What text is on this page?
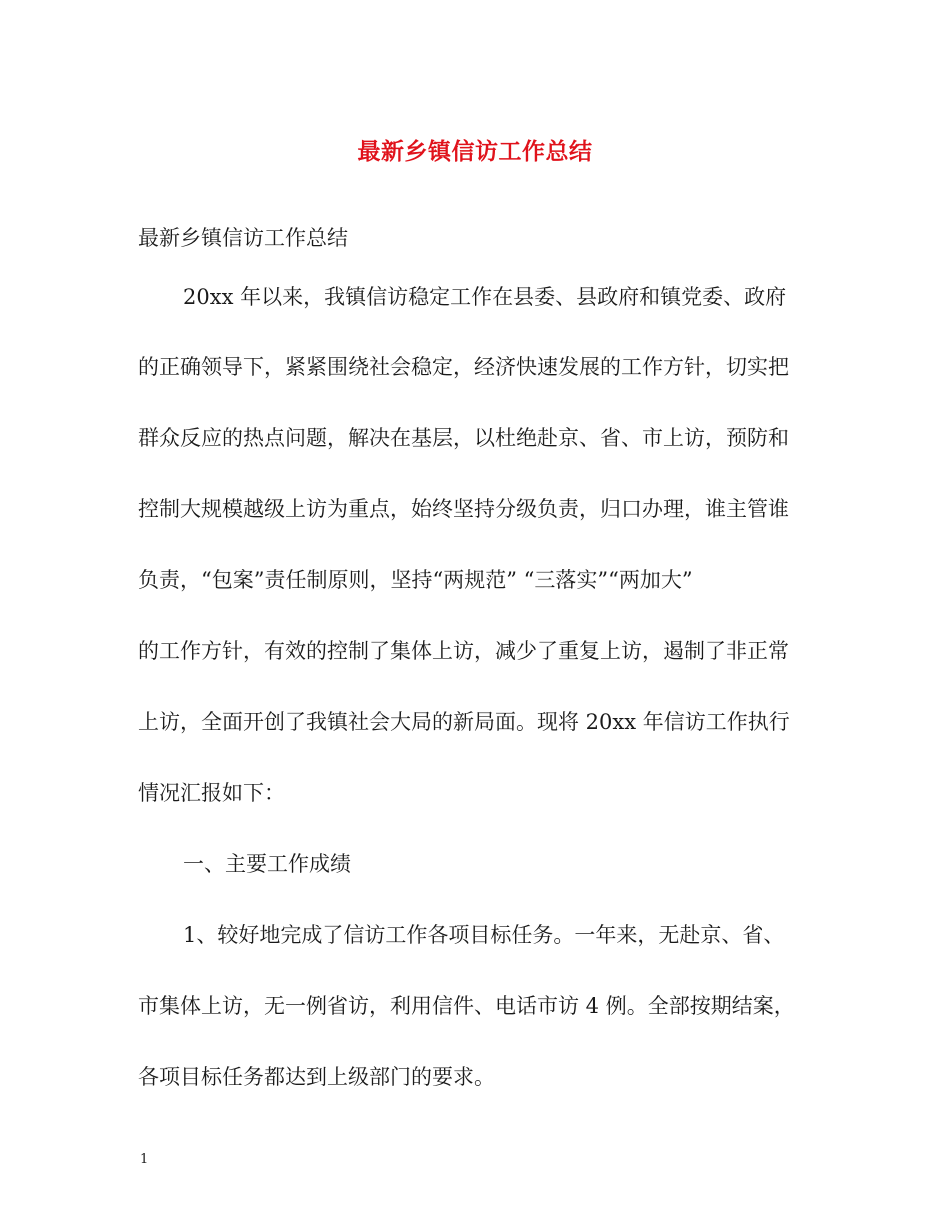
最新乡镇信访工作总结

最新乡镇信访工作总结

20xx 年以来，我镇信访稳定工作在县委、县政府和镇党委、政府

的正确领导下，紧紧围绕社会稳定，经济快速发展的工作方针，切实把

群众反应的热点问题，解决在基层，以杜绝赴京、省、市上访，预防和

控制大规模越级上访为重点，始终坚持分级负责，归口办理，谁主管谁

负责，“包案”责任制原则，坚持“两规范” “三落实”“两加大”

的工作方针，有效的控制了集体上访，减少了重复上访，遏制了非正常

上访，全面开创了我镇社会大局的新局面。现将 20xx 年信访工作执行

情况汇报如下：

一、主要工作成绩

1、较好地完成了信访工作各项目标任务。一年来，无赴京、省、

市集体上访，无一例省访，利用信件、电话市访 4 例。全部按期结案，

各项目标任务都达到上级部门的要求。

1
